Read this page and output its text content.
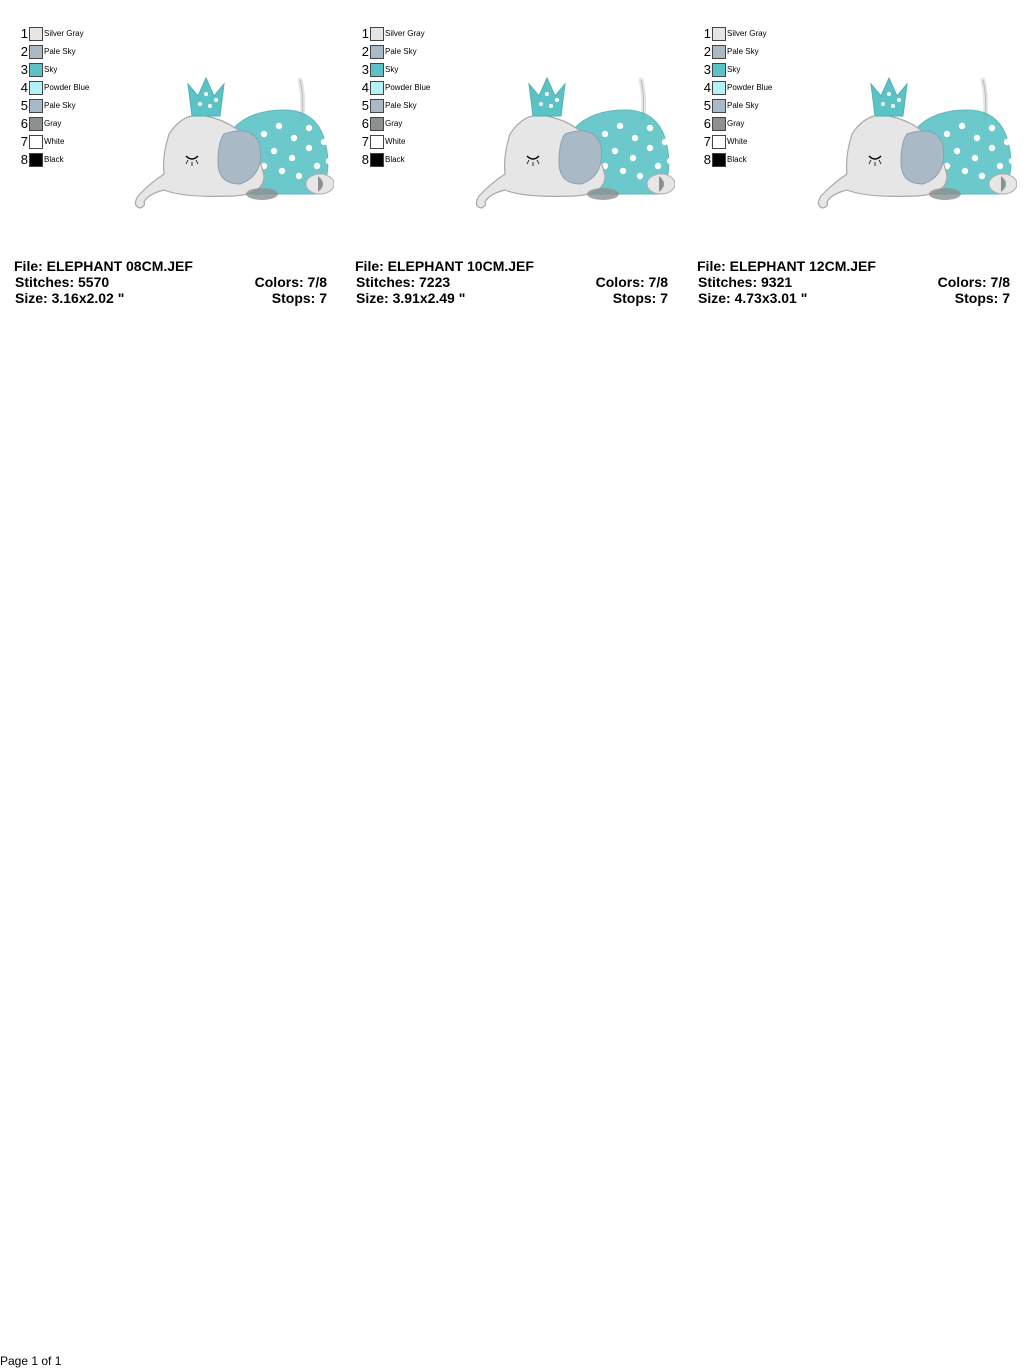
1 Silver Gray
2 Pale Sky
3 Sky
4 Powder Blue
5 Pale Sky
6 Gray
7 White
8 Black
File: ELEPHANT 08CM.JEF
Stitches: 5570	Colors: 7/8
Size: 3.16x2.02 "	Stops: 7
1 Silver Gray
2 Pale Sky
3 Sky
4 Powder Blue
5 Pale Sky
6 Gray
7 White
8 Black
File: ELEPHANT 10CM.JEF
Stitches: 7223	Colors: 7/8
Size: 3.91x2.49 "	Stops: 7
1 Silver Gray
2 Pale Sky
3 Sky
4 Powder Blue
5 Pale Sky
6 Gray
7 White
8 Black
File: ELEPHANT 12CM.JEF
Stitches: 9321	Colors: 7/8
Size: 4.73x3.01 "	Stops: 7
Page 1 of 1
